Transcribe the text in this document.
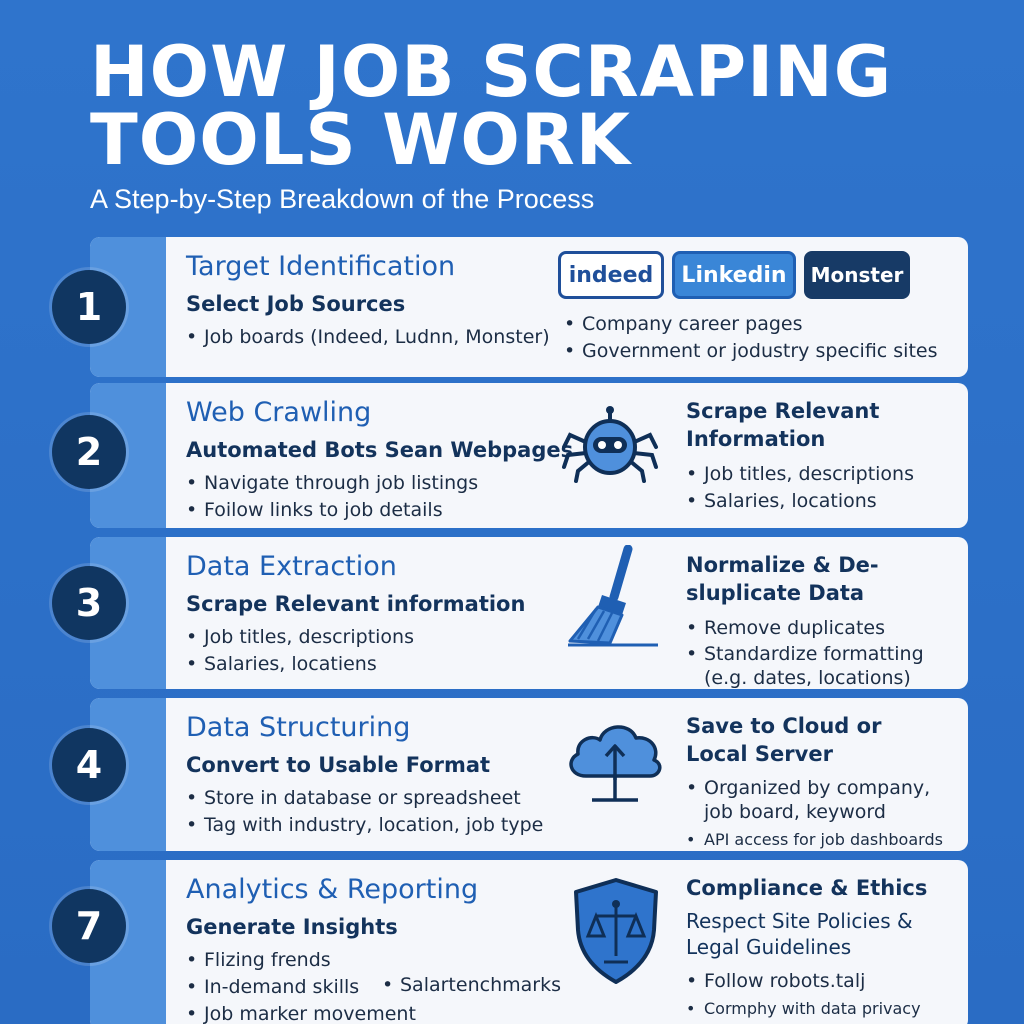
HOW JOB SCRAPING TOOLS WORK
A Step-by-Step Breakdown of the Process
Target Identification
Select Job Sources
• Job boards (Indeed, Ludnn, Monster)
indeed	Linkedin	Monster
• Company career pages
• Government or jodustry specific sites
1
Web Crawling
Automated Bots Sean Webpages
• Navigate through job listings
• Foilow links to job details
Scrape Relevant Information
• Job titles, descriptions
• Salaries, locations
2
Data Extraction
Scrape Relevant information
• Job titles, descriptions
• Salaries, locatiens
Normalize & De-sluplicate Data
• Remove duplicates
• Standardize formatting (e.g. dates, locations)
3
Data Structuring
Convert to Usable Format
• Store in database or spreadsheet
• Tag with industry, location, job type
Save to Cloud or Local Server
• Organized by company, job board, keyword
• API access for job dashboards
4
Analytics & Reporting
Generate Insights
• Flizing frends
• In-demand skills
• Job marker movement
• Salartenchmarks
Compliance & Ethics
Respect Site Policies & Legal Guidelines
• Follow robots.talj
• Cormphy with data privacy
7
